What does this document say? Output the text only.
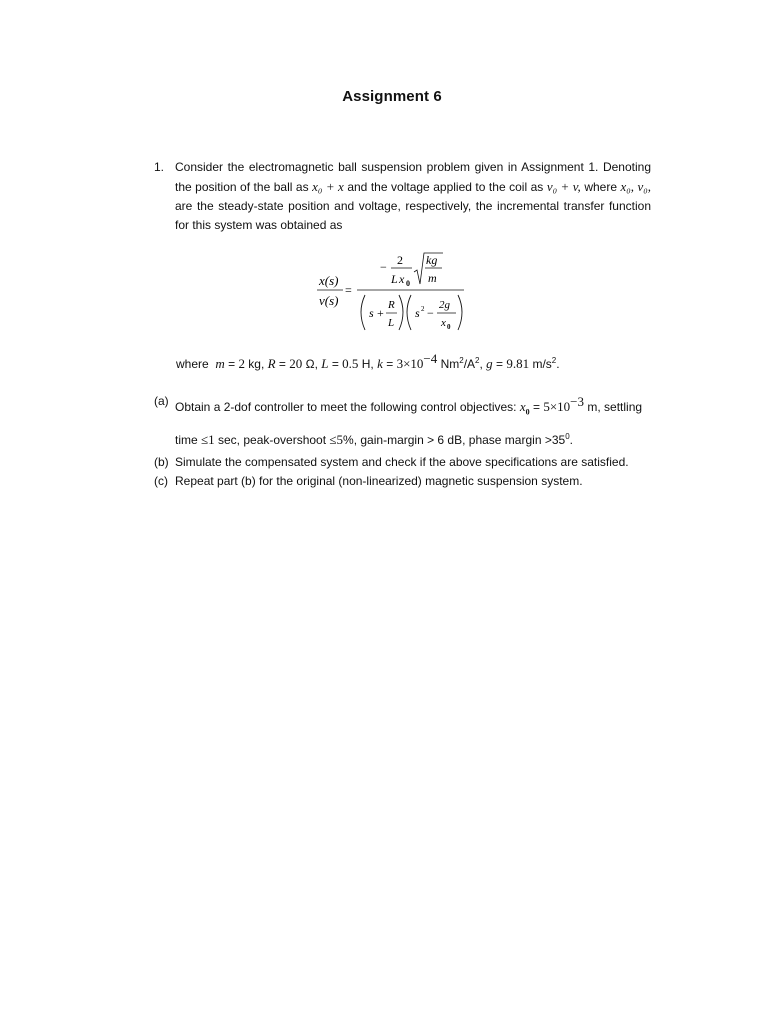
Assignment 6
1. Consider the electromagnetic ball suspension problem given in Assignment 1. Denoting the position of the ball as x₀ + x and the voltage applied to the coil as v₀ + v, where x₀, v₀, are the steady-state position and voltage, respectively, the incremental transfer function for this system was obtained as
x(s)
v(s)
=
− 2
L x 0
kg
m
s +
R
L
s 2 −
2g
x 0
where m = 2 kg, R = 20 Ω, L = 0.5 H, $k = 3\times 10^{-4}$ $Nm^2/A^2$, g = 9.81 $m/s^2$.
(a) Obtain a 2-dof controller to meet the following control objectives: $x_0 = 5\times 10^{-3}$ m, settling time ≤1 sec, peak-overshoot ≤5%, gain-margin > 6 dB, phase margin $>35^0$.
(b) Simulate the compensated system and check if the above specifications are satisfied.
(c) Repeat part (b) for the original (non-linearized) magnetic suspension system.
